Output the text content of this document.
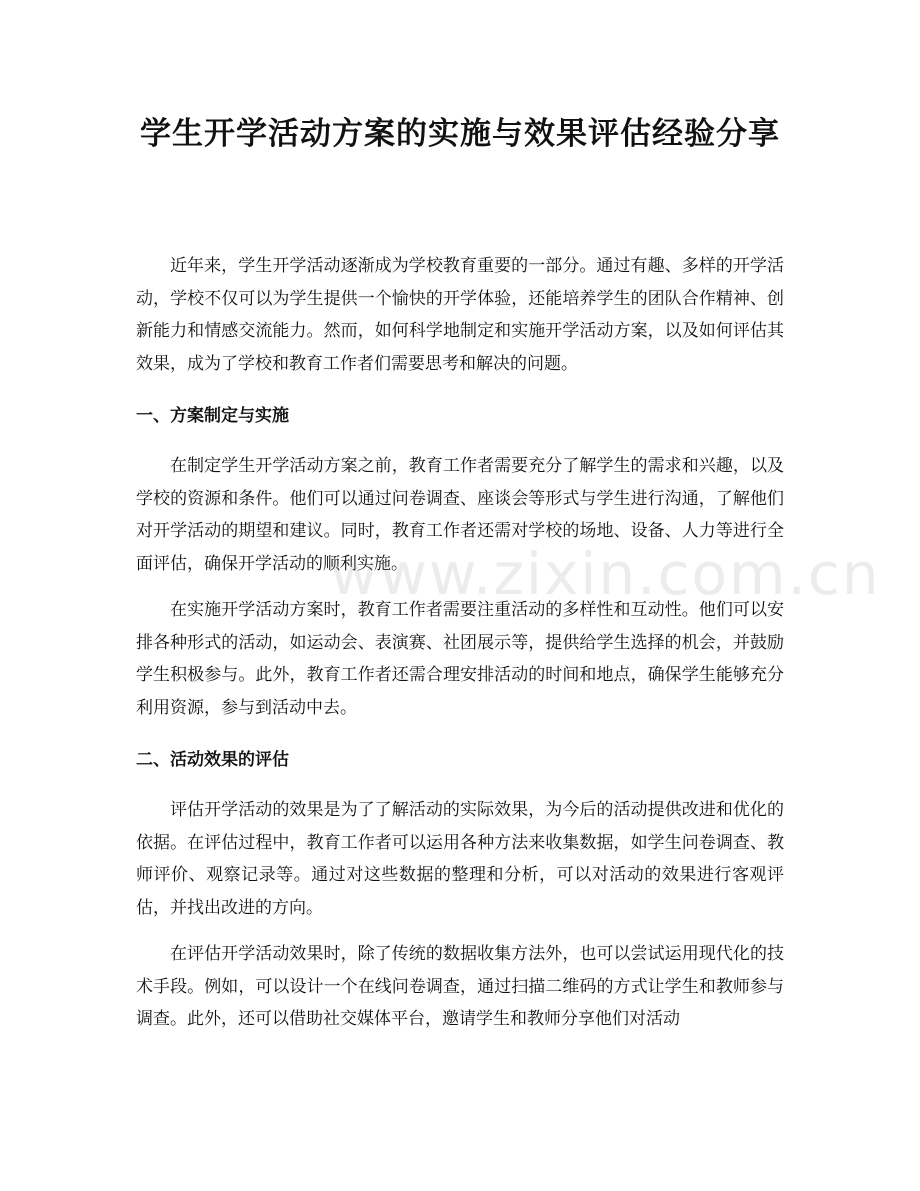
学生开学活动方案的实施与效果评估经验分享

近年来，学生开学活动逐渐成为学校教育重要的一部分。通过有趣、多样的开学活动，学校不仅可以为学生提供一个愉快的开学体验，还能培养学生的团队合作精神、创新能力和情感交流能力。然而，如何科学地制定和实施开学活动方案，以及如何评估其效果，成为了学校和教育工作者们需要思考和解决的问题。

一、方案制定与实施

在制定学生开学活动方案之前，教育工作者需要充分了解学生的需求和兴趣，以及学校的资源和条件。他们可以通过问卷调查、座谈会等形式与学生进行沟通，了解他们对开学活动的期望和建议。同时，教育工作者还需对学校的场地、设备、人力等进行全面评估，确保开学活动的顺利实施。

在实施开学活动方案时，教育工作者需要注重活动的多样性和互动性。他们可以安排各种形式的活动，如运动会、表演赛、社团展示等，提供给学生选择的机会，并鼓励学生积极参与。此外，教育工作者还需合理安排活动的时间和地点，确保学生能够充分利用资源，参与到活动中去。

二、活动效果的评估

评估开学活动的效果是为了了解活动的实际效果，为今后的活动提供改进和优化的依据。在评估过程中，教育工作者可以运用各种方法来收集数据，如学生问卷调查、教师评价、观察记录等。通过对这些数据的整理和分析，可以对活动的效果进行客观评估，并找出改进的方向。

在评估开学活动效果时，除了传统的数据收集方法外，也可以尝试运用现代化的技术手段。例如，可以设计一个在线问卷调查，通过扫描二维码的方式让学生和教师参与调查。此外，还可以借助社交媒体平台，邀请学生和教师分享他们对活动

www.zixin.com.cn
